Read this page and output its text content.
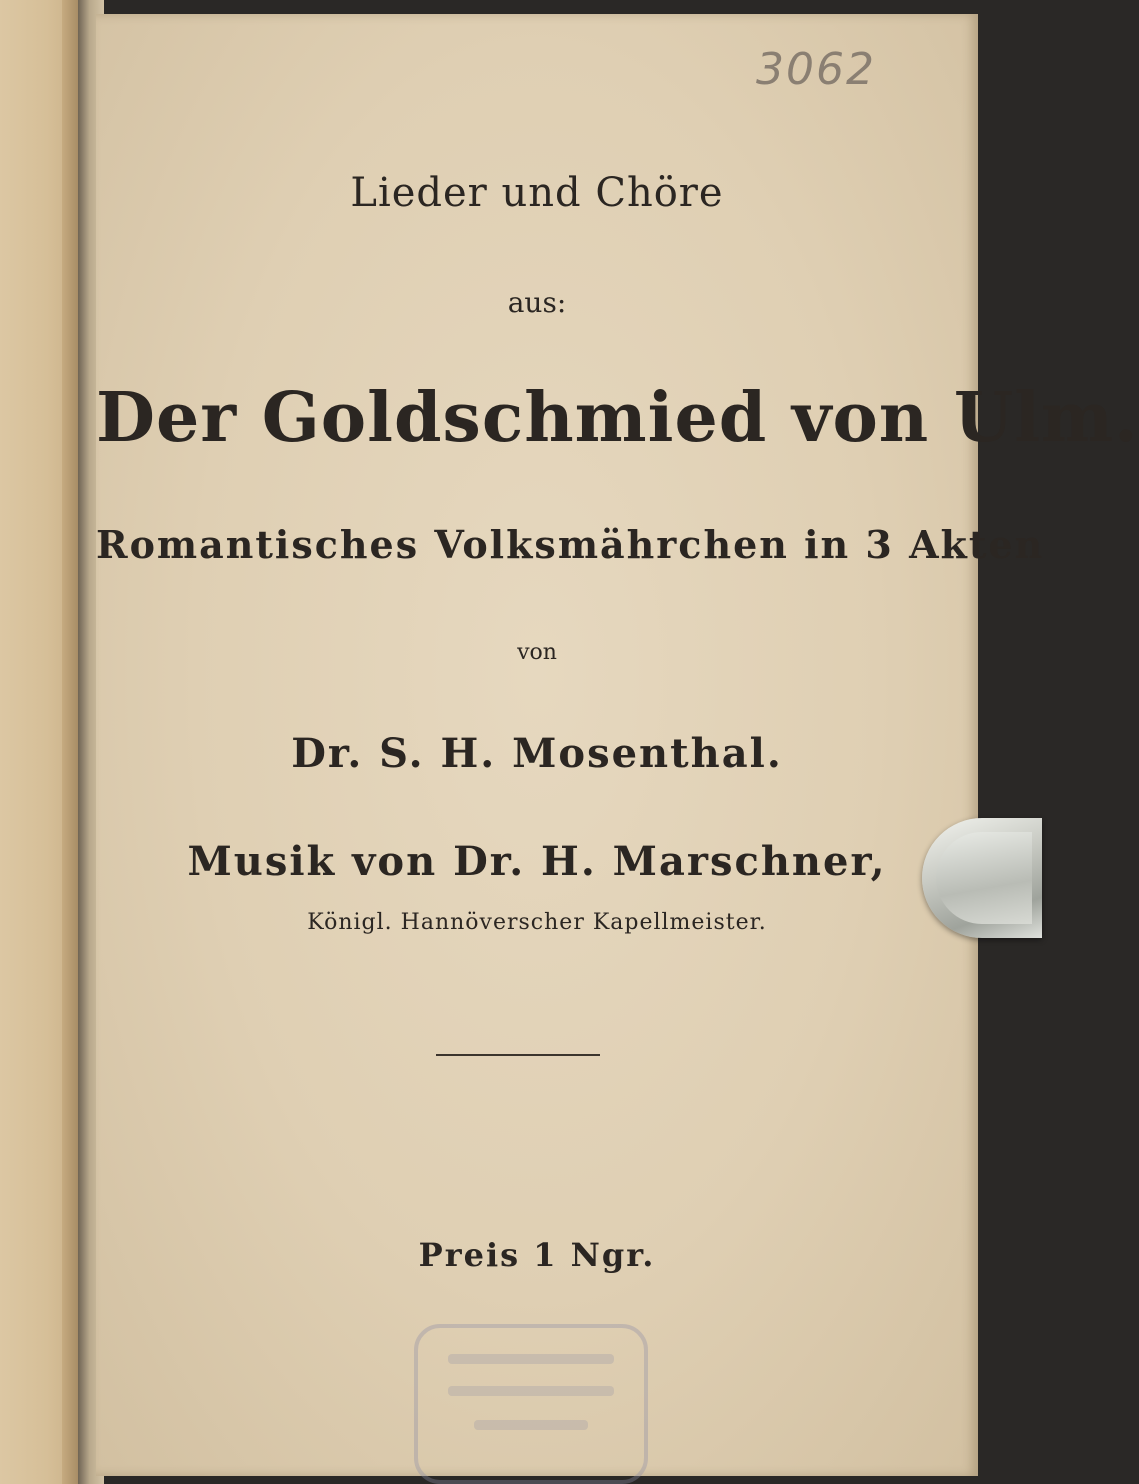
3062
Lieder und Chöre
aus:
Der Goldschmied von Ulm.
Romantisches Volksmährchen in 3 Akten
von
Dr. S. H. Mosenthal.
Musik von Dr. H. Marschner,
Königl. Hannöverscher Kapellmeister.
Preis 1 Ngr.
